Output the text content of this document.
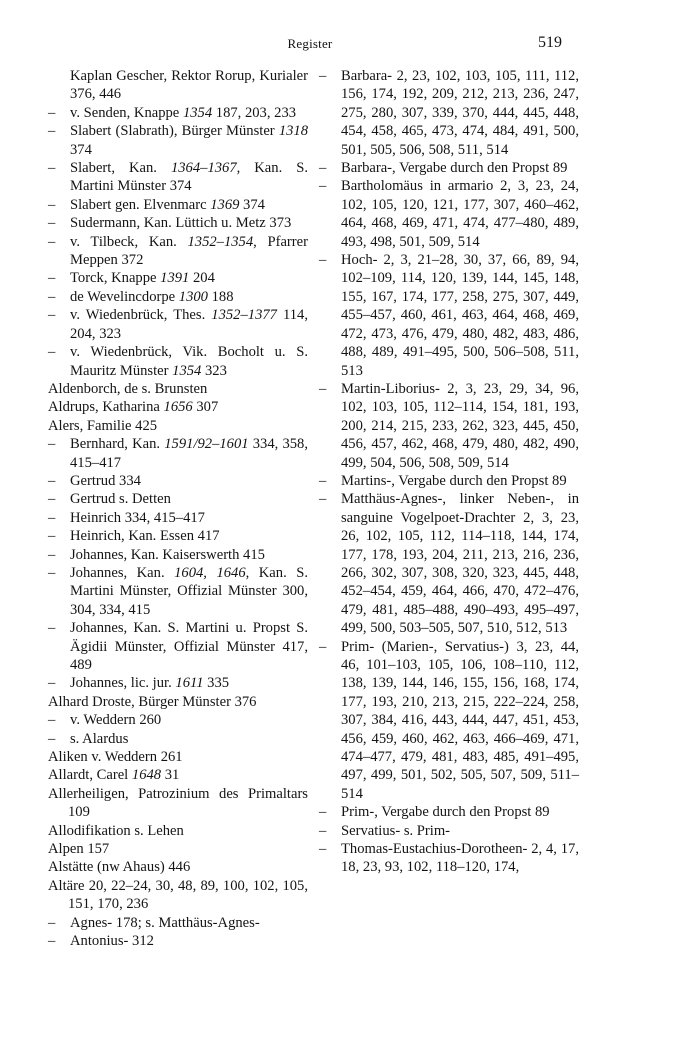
Register	519
Kaplan Gescher, Rektor Rorup, Kurialer 376, 446
– v. Senden, Knappe 1354 187, 203, 233
– Slabert (Slabrath), Bürger Münster 1318 374
– Slabert, Kan. 1364–1367, Kan. S. Martini Münster 374
– Slabert gen. Elvenmarc 1369 374
– Sudermann, Kan. Lüttich u. Metz 373
– v. Tilbeck, Kan. 1352–1354, Pfarrer Meppen 372
– Torck, Knappe 1391 204
– de Wevelincdorpe 1300 188
– v. Wiedenbrück, Thes. 1352–1377 114, 204, 323
– v. Wiedenbrück, Vik. Bocholt u. S. Mauritz Münster 1354 323
Aldenborch, de s. Brunsten
Aldrups, Katharina 1656 307
Alers, Familie 425
– Bernhard, Kan. 1591/92–1601 334, 358, 415–417
– Gertrud 334
– Gertrud s. Detten
– Heinrich 334, 415–417
– Heinrich, Kan. Essen 417
– Johannes, Kan. Kaiserswerth 415
– Johannes, Kan. 1604, 1646, Kan. S. Martini Münster, Offizial Münster 300, 304, 334, 415
– Johannes, Kan. S. Martini u. Propst S. Ägidii Münster, Offizial Münster 417, 489
– Johannes, lic. jur. 1611 335
Alhard Droste, Bürger Münster 376
– v. Weddern 260
– s. Alardus
Aliken v. Weddern 261
Allardt, Carel 1648 31
Allerheiligen, Patrozinium des Primaltars 109
Allodifikation s. Lehen
Alpen 157
Alstätte (nw Ahaus) 446
Altäre 20, 22–24, 30, 48, 89, 100, 102, 105, 151, 170, 236
– Agnes- 178; s. Matthäus-Agnes-
– Antonius- 312
– Barbara- 2, 23, 102, 103, 105, 111, 112, 156, 174, 192, 209, 212, 213, 236, 247, 275, 280, 307, 339, 370, 444, 445, 448, 454, 458, 465, 473, 474, 484, 491, 500, 501, 505, 506, 508, 511, 514
– Barbara-, Vergabe durch den Propst 89
– Bartholomäus in armario 2, 3, 23, 24, 102, 105, 120, 121, 177, 307, 460–462, 464, 468, 469, 471, 474, 477–480, 489, 493, 498, 501, 509, 514
– Hoch- 2, 3, 21–28, 30, 37, 66, 89, 94, 102–109, 114, 120, 139, 144, 145, 148, 155, 167, 174, 177, 258, 275, 307, 449, 455–457, 460, 461, 463, 464, 468, 469, 472, 473, 476, 479, 480, 482, 483, 486, 488, 489, 491–495, 500, 506–508, 511, 513
– Martin-Liborius- 2, 3, 23, 29, 34, 96, 102, 103, 105, 112–114, 154, 181, 193, 200, 214, 215, 233, 262, 323, 445, 450, 456, 457, 462, 468, 479, 480, 482, 490, 499, 504, 506, 508, 509, 514
– Martins-, Vergabe durch den Propst 89
– Matthäus-Agnes-, linker Neben-, in sanguine Vogelpoet-Drachter 2, 3, 23, 26, 102, 105, 112, 114–118, 144, 174, 177, 178, 193, 204, 211, 213, 216, 236, 266, 302, 307, 308, 320, 323, 445, 448, 452–454, 459, 464, 466, 470, 472–476, 479, 481, 485–488, 490–493, 495–497, 499, 500, 503–505, 507, 510, 512, 513
– Prim- (Marien-, Servatius-) 3, 23, 44, 46, 101–103, 105, 106, 108–110, 112, 138, 139, 144, 146, 155, 156, 168, 174, 177, 193, 210, 213, 215, 222–224, 258, 307, 384, 416, 443, 444, 447, 451, 453, 456, 459, 460, 462, 463, 466–469, 471, 474–477, 479, 481, 483, 485, 491–495, 497, 499, 501, 502, 505, 507, 509, 511–514
– Prim-, Vergabe durch den Propst 89
– Servatius- s. Prim-
– Thomas-Eustachius-Dorotheen- 2, 4, 17, 18, 23, 93, 102, 118–120, 174,
